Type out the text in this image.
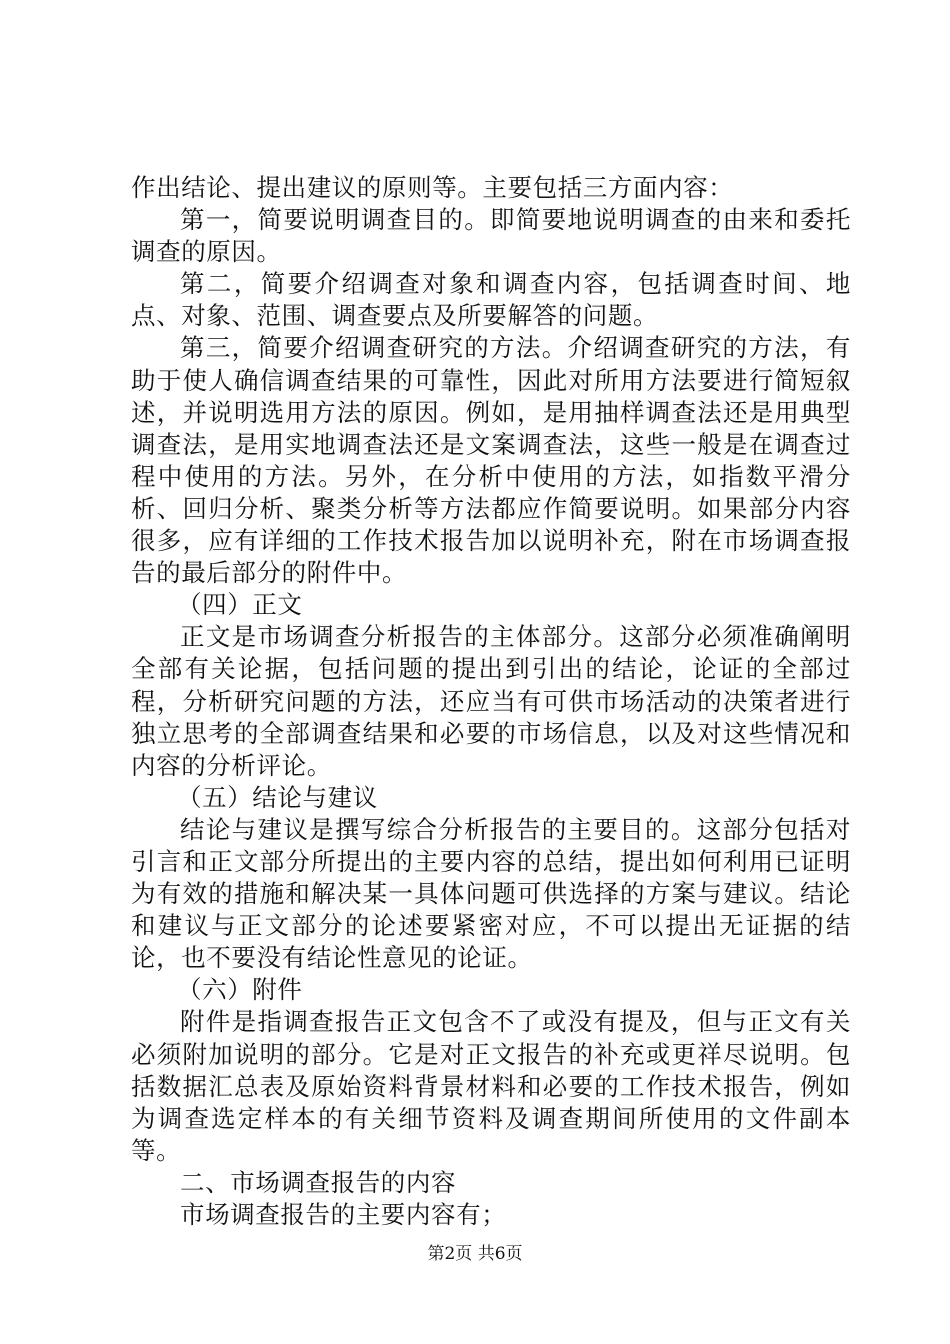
作出结论、提出建议的原则等。主要包括三方面内容：

第一，简要说明调查目的。即简要地说明调查的由来和委托调查的原因。

第二，简要介绍调查对象和调查内容，包括调查时间、地点、对象、范围、调查要点及所要解答的问题。

第三，简要介绍调查研究的方法。介绍调查研究的方法，有助于使人确信调查结果的可靠性，因此对所用方法要进行简短叙述，并说明选用方法的原因。例如，是用抽样调查法还是用典型调查法，是用实地调查法还是文案调查法，这些一般是在调查过程中使用的方法。另外，在分析中使用的方法，如指数平滑分析、回归分析、聚类分析等方法都应作简要说明。如果部分内容很多，应有详细的工作技术报告加以说明补充，附在市场调查报告的最后部分的附件中。

（四）正文

正文是市场调查分析报告的主体部分。这部分必须准确阐明全部有关论据，包括问题的提出到引出的结论，论证的全部过程，分析研究问题的方法，还应当有可供市场活动的决策者进行独立思考的全部调查结果和必要的市场信息，以及对这些情况和内容的分析评论。

（五）结论与建议

结论与建议是撰写综合分析报告的主要目的。这部分包括对引言和正文部分所提出的主要内容的总结，提出如何利用已证明为有效的措施和解决某一具体问题可供选择的方案与建议。结论和建议与正文部分的论述要紧密对应，不可以提出无证据的结论，也不要没有结论性意见的论证。

（六）附件

附件是指调查报告正文包含不了或没有提及，但与正文有关必须附加说明的部分。它是对正文报告的补充或更祥尽说明。包括数据汇总表及原始资料背景材料和必要的工作技术报告，例如为调查选定样本的有关细节资料及调查期间所使用的文件副本等。

二、市场调查报告的内容

市场调查报告的主要内容有；

第2页 共6页
